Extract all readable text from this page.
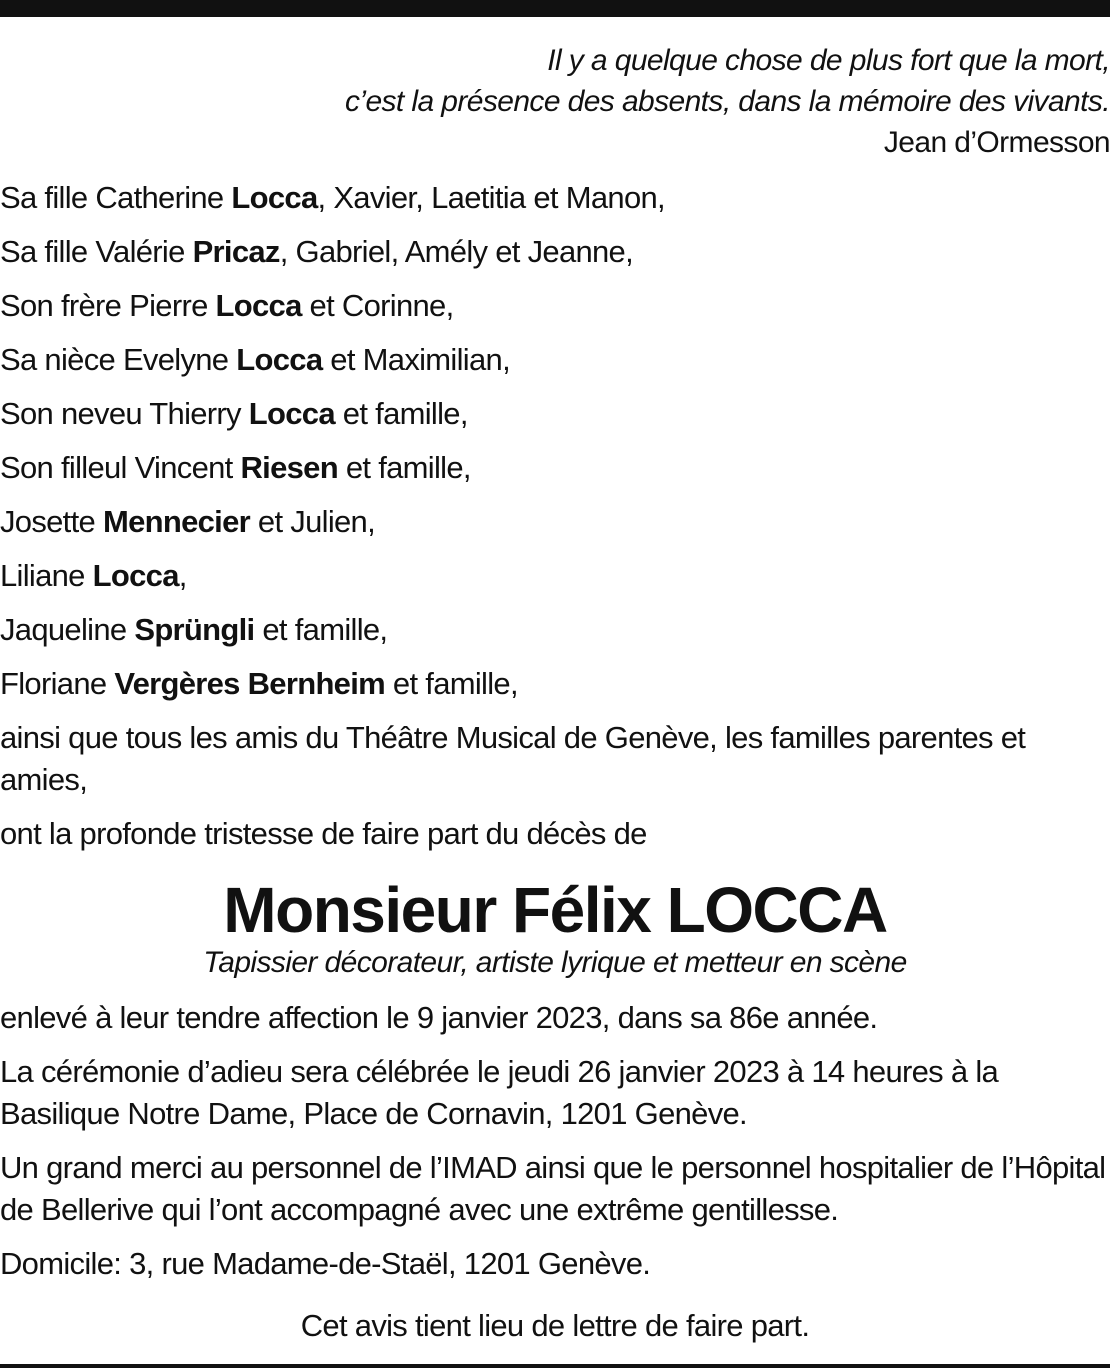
Il y a quelque chose de plus fort que la mort,
c’est la présence des absents, dans la mémoire des vivants.
Jean d’Ormesson

Sa fille Catherine Locca, Xavier, Laetitia et Manon,

Sa fille Valérie Pricaz, Gabriel, Amély et Jeanne,

Son frère Pierre Locca et Corinne,

Sa nièce Evelyne Locca et Maximilian,

Son neveu Thierry Locca et famille,

Son filleul Vincent Riesen et famille,

Josette Mennecier et Julien,

Liliane Locca,

Jaqueline Sprüngli et famille,

Floriane Vergères Bernheim et famille,

ainsi que tous les amis du Théâtre Musical de Genève, les familles parentes et amies,

ont la profonde tristesse de faire part du décès de

Monsieur Félix LOCCA
Tapissier décorateur, artiste lyrique et metteur en scène

enlevé à leur tendre affection le 9 janvier 2023, dans sa 86e année.

La cérémonie d’adieu sera célébrée le jeudi 26 janvier 2023 à 14 heures à la Basilique Notre Dame, Place de Cornavin, 1201 Genève.

Un grand merci au personnel de l’IMAD ainsi que le personnel hospitalier de l’Hôpital de Bellerive qui l’ont accompagné avec une extrême gentillesse.

Domicile: 3, rue Madame-de-Staël, 1201 Genève.

Cet avis tient lieu de lettre de faire part.
